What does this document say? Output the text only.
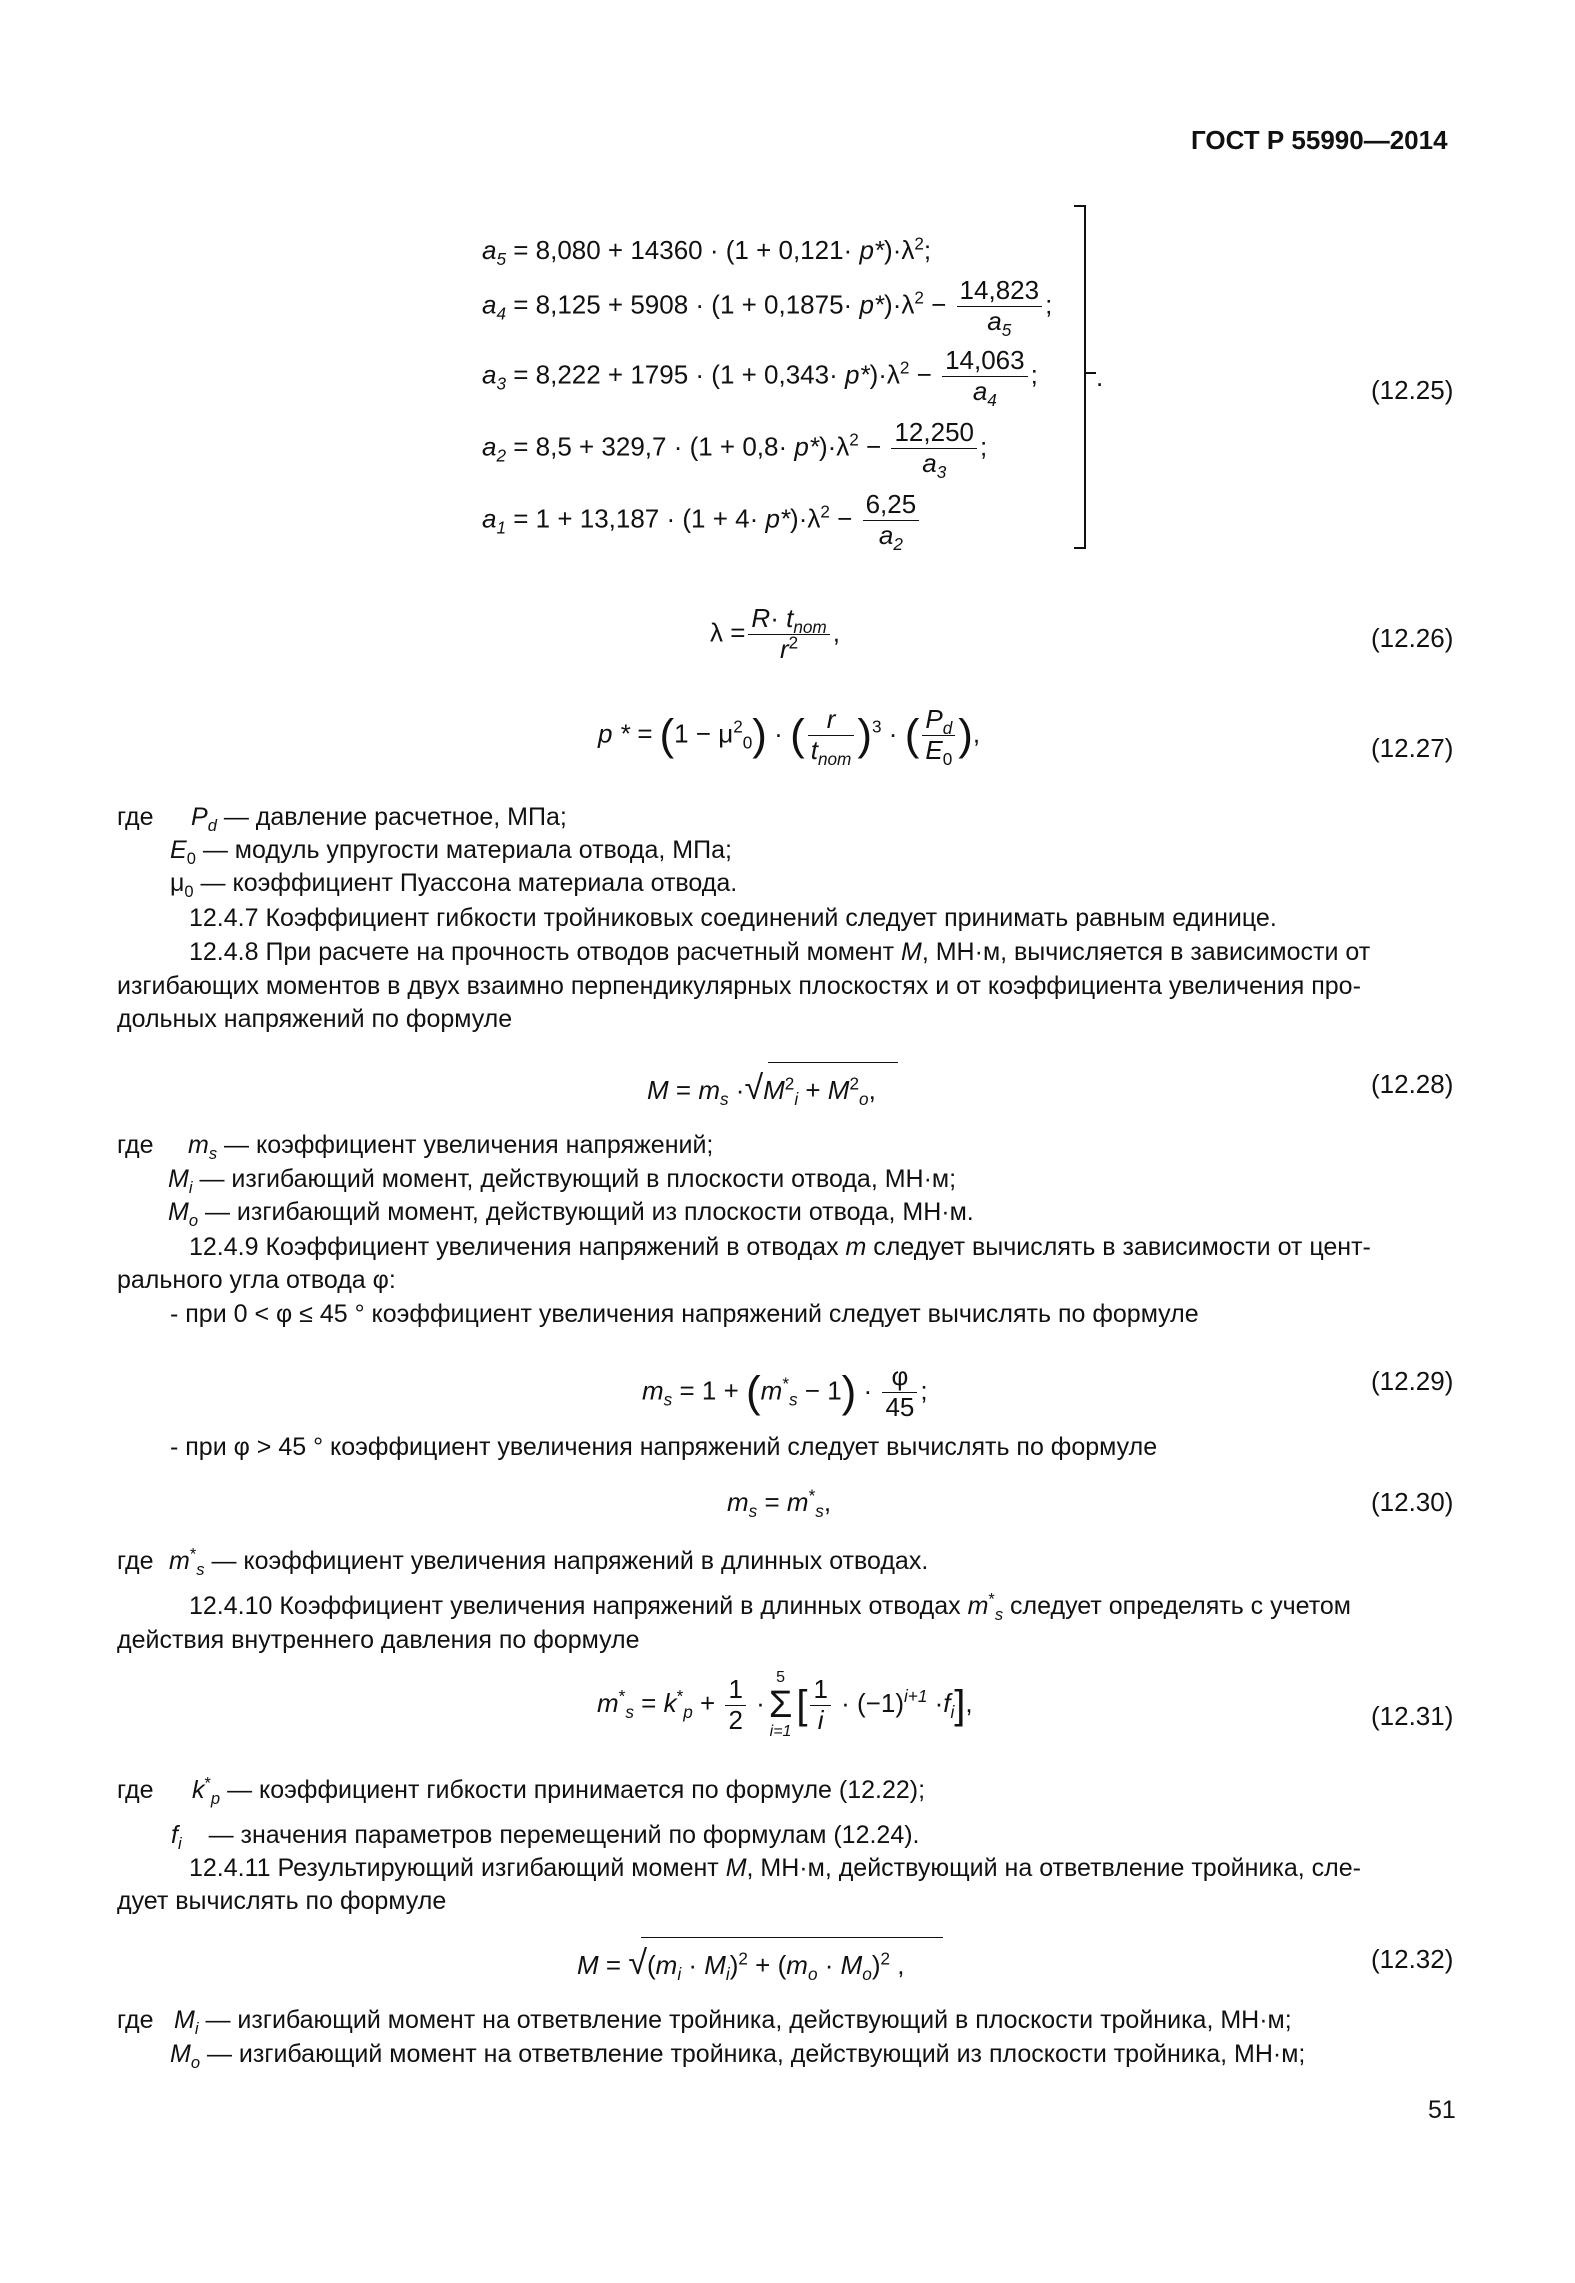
ГОСТ Р 55990—2014
$a_5 = 8,080 + 14360 \cdot (1 + 0,121\cdot p*)\cdot\lambda^2$;
$a_4 = 8,125 + 5908 \cdot (1 + 0,1875\cdot p*)\cdot\lambda^2 - \frac{14,823}{a_5}$ ;
$a_3 = 8,222 + 1795 \cdot (1 + 0,343\cdot p*)\cdot\lambda^2 - \frac{14,063}{a_4}$ ;
$a_2 = 8,5 + 329,7 \cdot (1 + 0,8\cdot p*)\cdot\lambda^2 - \frac{12,250}{a_3}$ ;
$a_1 = 1 + 13,187 \cdot (1 + 4\cdot p*)\cdot\lambda^2 - \frac{6,25}{a_2}$
.	(12.25)
$\lambda = R\cdot t_{nom}$
$r^2$	,	(12.26)
p * = $(1 - \mu^2_0)$ · ( r
$t_{nom}$ )$^3$ · ( $\frac{P_d}{E_0}$ ),	(12.27)
где $P_d$ — давление расчетное, МПа;
$E_0$ — модуль упругости материала отвода, МПа;
$\mu_0$ — коэффициент Пуассона материала отвода.
12.4.7 Коэффициент гибкости тройниковых соединений следует принимать равным единице.
12.4.8 При расчете на прочность отводов расчетный момент M, МН·м, вычисляется в зависимости от
изгибающих моментов в двух взаимно перпендикулярных плоскостях и от коэффициента увеличения про-
дольных напряжений по формуле
$M = m_s \cdot√M^2_i + M^2_o$,	(12.28)
где $m_s$ — коэффициент увеличения напряжений;
$M_i$ — изгибающий момент, действующий в плоскости отвода, МН·м;
$M_o$ — изгибающий момент, действующий из плоскости отвода, МН·м.
12.4.9 Коэффициент увеличения напряжений в отводах m следует вычислять в зависимости от цент-
рального угла отвода φ:
- при 0 < φ ≤ 45 ° коэффициент увеличения напряжений следует вычислять по формуле
$m_s = 1 + (m^*_s - 1) \cdot \frac{\varphi}{45}$ ;	(12.29)
- при φ > 45 ° коэффициент увеличения напряжений следует вычислять по формуле
$m_s = m^*_s$,	(12.30)
где $m^*_s$ — коэффициент увеличения напряжений в длинных отводах.
12.4.10 Коэффициент увеличения напряжений в длинных отводах $m^*_s$ следует определять с учетом
действия внутреннего давления по формуле
$m^*_s = k^*_p + \frac{1}{2}$ ·
5
Σ
i=1
[ $\frac{1}{i} \cdot (-1)^{i+1} \cdot f_i$],	(12.31)
где $k^*_p$ — коэффициент гибкости принимается по формуле (12.22);
$f_i$ — значения параметров перемещений по формулам (12.24).
12.4.11 Результирующий изгибающий момент M, МН·м, действующий на ответвление тройника, сле-
дует вычислять по формуле
$M = √(m_i \cdot M_i)^2 + (m_o \cdot M_o)^2$ ,	(12.32)
где $M_i$ — изгибающий момент на ответвление тройника, действующий в плоскости тройника, МН·м;
$M_o$ — изгибающий момент на ответвление тройника, действующий из плоскости тройника, МН·м;
51
